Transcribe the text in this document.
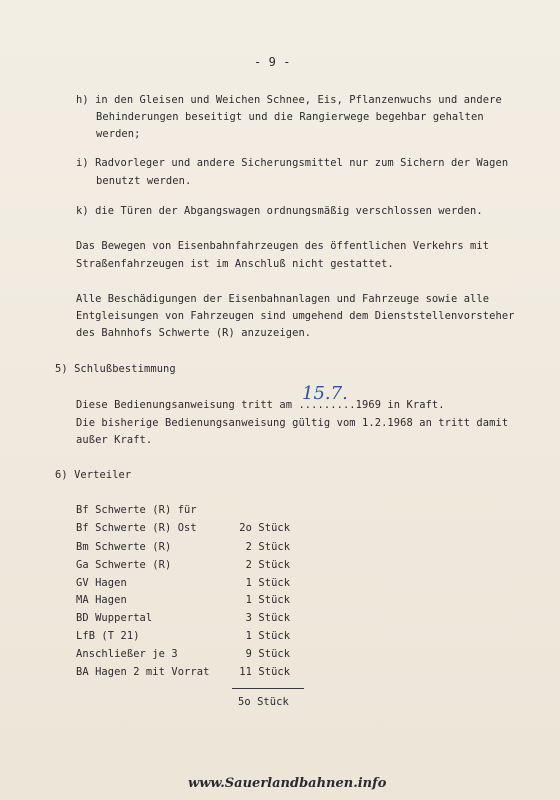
- 9 -
h) in den Gleisen und Weichen Schnee, Eis, Pflanzenwuchs und andere
Behinderungen beseitigt und die Rangierwege begehbar gehalten
werden;
i) Radvorleger und andere Sicherungsmittel nur zum Sichern der Wagen
benutzt werden.
k) die Türen der Abgangswagen ordnungsmäßig verschlossen werden.
Das Bewegen von Eisenbahnfahrzeugen des öffentlichen Verkehrs mit
Straßenfahrzeugen ist im Anschluß nicht gestattet.
Alle Beschädigungen der Eisenbahnanlagen und Fahrzeuge sowie alle
Entgleisungen von Fahrzeugen sind umgehend dem Dienststellenvorsteher
des Bahnhofs Schwerte (R) anzuzeigen.
5) Schlußbestimmung
15.7.
Diese Bedienungsanweisung tritt am .........1969 in Kraft.
Die bisherige Bedienungsanweisung gültig vom 1.2.1968 an tritt damit
außer Kraft.
6) Verteiler
Bf Schwerte (R) für
Bf Schwerte (R) Ost	2o Stück
Bm Schwerte (R)	2 Stück
Ga Schwerte (R)	2 Stück
GV Hagen	1 Stück
MA Hagen	1 Stück
BD Wuppertal	3 Stück
LfB (T 21)	1 Stück
Anschließer je 3	9 Stück
BA Hagen 2 mit Vorrat	11 Stück
5o Stück
www.Sauerlandbahnen.info
